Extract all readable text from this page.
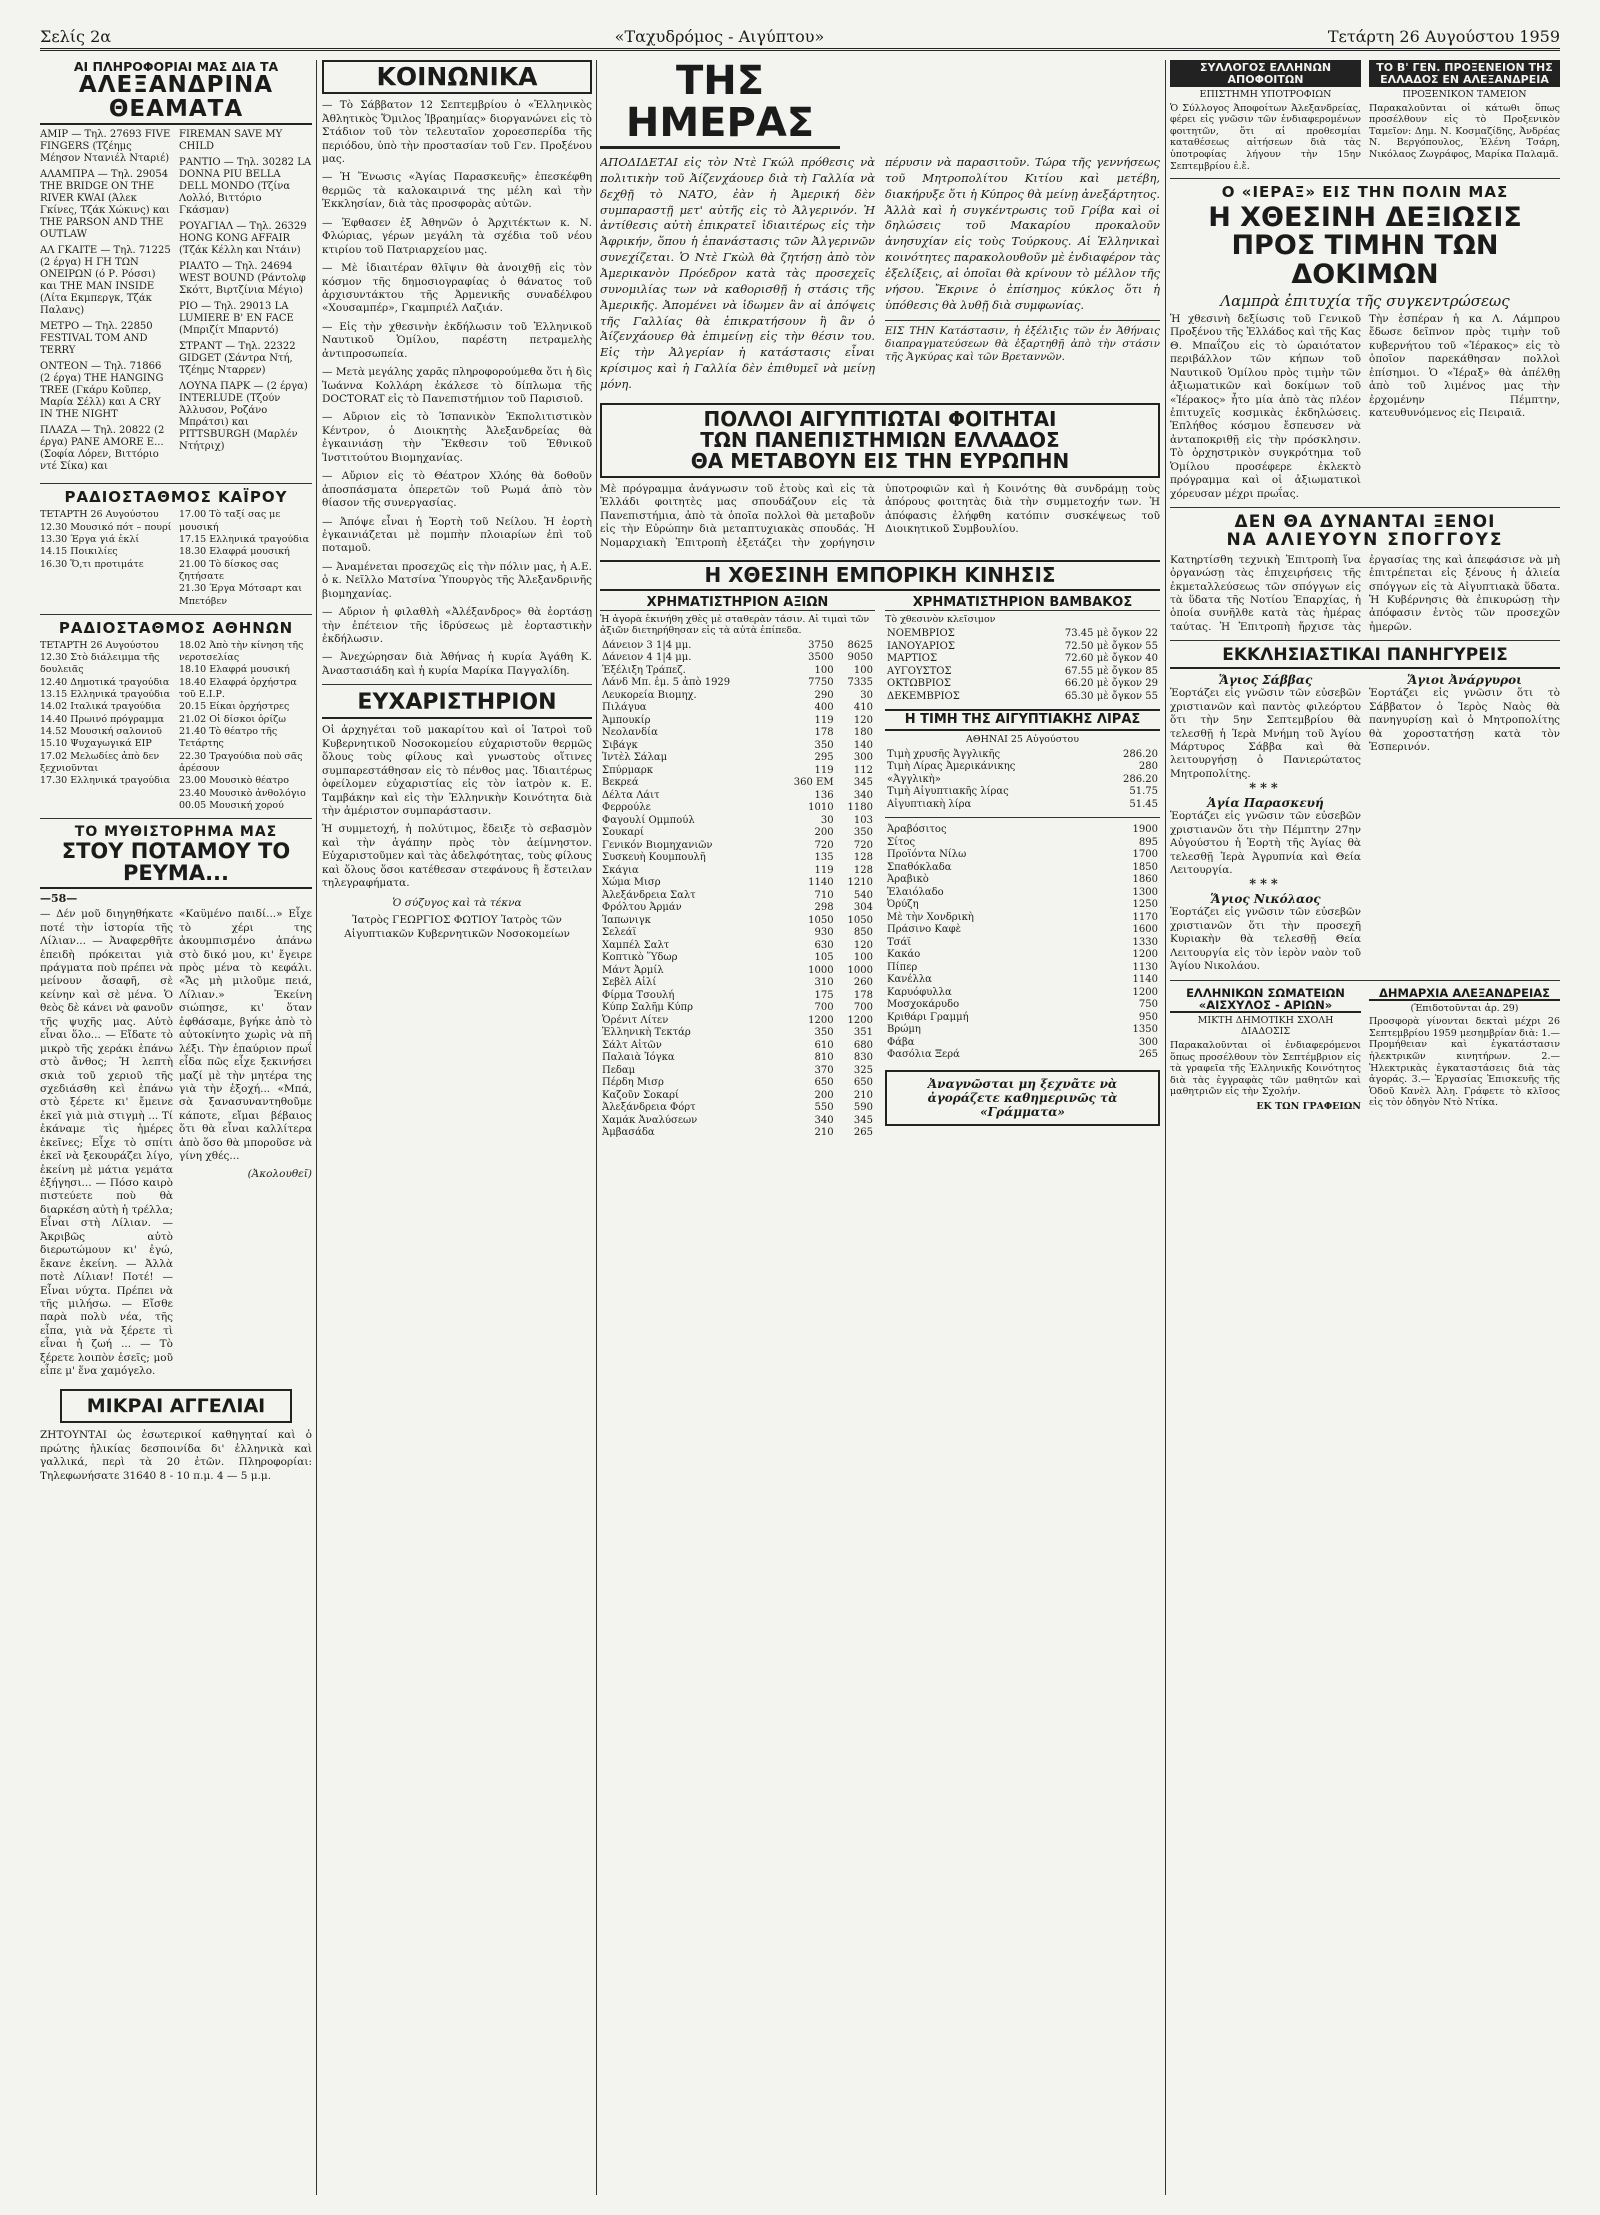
Σελίς 2α	«Ταχυδρόμος - Αιγύπτου»	Τετάρτη 26 Αυγούστου 1959
ΑΙ ΠΛΗΡΟΦΟΡΙΑΙ ΜΑΣ ΔΙΑ ΤΑ
ΑΛΕΞΑΝΔΡΙΝΑ ΘΕΑΜΑΤΑ

ΑΜΙΡ — Τηλ. 27693 FIVE FINGERS (Τζέημς Μέησον Ντανιέλ Νταριέ)

ΑΛΑΜΠΡΑ — Τηλ. 29054 THE BRIDGE ON THE RIVER KWAI (Άλεκ Γκίνες, Τζάκ Χώκινς) και THE PARSON AND THE OUTLAW

ΑΛ ΓΚΑΙΤΕ — Τηλ. 71225 (2 έργα) Η ΓΗ ΤΩΝ ΟΝΕΙΡΩΝ (ό Ρ. Ρόσσι) και THE MAN INSIDE (Λίτα Εκμπεργκ, Τζάκ Παλανς)

ΜΕΤΡΟ — Τηλ. 22850 FESTIVAL TOM AND TERRY

ΟΝΤΕΟΝ — Τηλ. 71866 (2 έργα) THE HANGING TREE (Γκάρυ Κοῦπερ, Μαρία Σέλλ) και A CRY IN THE NIGHT

ΠΛΑΖΑ — Τηλ. 20822 (2 έργα) PANE AMORE E... (Σοφία Λόρεν, Βιττόριο ντέ Σίκα) και

FIREMAN SAVE MY CHILD

ΡΑΝΤΙΟ — Τηλ. 30282 LA DONNA PIU BELLA DELL MONDO (Τζίνα Λολλό, Βιττόριο Γκάσμαν)

ΡΟΥΑΓΙΑΛ — Τηλ. 26329 HONG KONG AFFAIR (Τζάκ Κέλλη και Ντάιν)

ΡΙΑΛΤΟ — Τηλ. 24694 WEST BOUND (Ράντολφ Σκόττ, Βιρτζίνια Μέγιο)

ΡΙΟ — Τηλ. 29013 LA LUMIERE B' EN FACE (Μπριζίτ Μπαρντό)

ΣΤΡΑΝΤ — Τηλ. 22322 GIDGET (Σάντρα Ντή, Τζέημς Νταρρεν)

ΛΟΥΝΑ ΠΑΡΚ — (2 έργα) INTERLUDE (Τζούν Άλλυσον, Ροζάνο Μπράτσι) και PITTSBURGH (Μαρλέν Ντήτριχ)

ΡΑΔΙΟΣΤΑΘΜΟΣ ΚΑΪΡΟΥ
ΤΕΤΑΡΤΗ 26 Αυγούστου
12.30 Μουσικό πότ – πουρί
13.30 Έργα γιά ἐκλί
14.15 Ποικιλίες
16.30 Ὅ,τι προτιμάτε
17.00 Τὸ ταξί σας με μουσική
17.15 Ελληνικά τραγούδια
18.30 Ελαφρά μουσική
21.00 Τὸ δίσκος σας ζητήσατε
21.30 Έργα Μότσαρτ και Μπετόβεν
ΡΑΔΙΟΣΤΑΘΜΟΣ ΑΘΗΝΩΝ
ΤΕΤΑΡΤΗ 26 Αυγούστου
12.30 Στὸ διάλειμμα τῆς δουλειᾶς
12.40 Δημοτικά τραγούδια
13.15 Ελληνικά τραγούδια
14.02 Ιταλικά τραγούδια
14.40 Πρωινό πρόγραμμα
14.52 Μουσική σαλονιοῦ
15.10 Ψυχαγωγικά ΕΙΡ
17.02 Μελωδίες ἀπὸ δεν ξεχνιοῦνται
17.30 Ελληνικά τραγούδια
18.02 Ἀπὸ τὴν κίνηση τῆς νεροτσελίας
18.10 Ελαφρά μουσική
18.40 Ελαφρά ὀρχήστρα τοῦ Ε.Ι.Ρ.
20.15 Είκαι ὀρχήστρες
21.02 Οἱ δίσκοι ὁρίζω
21.40 Τὸ θέατρο τῆς Τετάρτης
22.30 Τραγούδια ποὺ σᾶς ἀρέσουν
23.00 Μουσικὸ θέατρο
23.40 Μουσικὸ ἀνθολόγιο
00.05 Μουσική χορού
ΤΟ ΜΥΘΙΣΤΟΡΗΜΑ ΜΑΣ
ΣΤΟΥ ΠΟΤΑΜΟΥ ΤΟ ΡΕΥΜΑ...
—58—
— Δέν μοῦ διηγηθήκατε ποτέ τὴν ἱστορία τῆς Λίλιαν... — Ἀναφερθῆτε ἐπειδὴ πρόκειται γιὰ πράγματα ποὺ πρέπει νὰ μείνουν ἄσαφῆ, σὲ κείνην καὶ σὲ μένα. Ὁ θεὸς δὲ κάνει νὰ φανοῦν τῆς ψυχῆς μας. Αὐτὸ εἶναι ὅλο... — Εἴδατε τὸ μικρὸ τῆς χεράκι ἐπάνω στὸ ἄνθος; Ἡ λεπτὴ σκιὰ τοῦ χεριοῦ τῆς σχεδιάσθη κεὶ ἐπάνω στὸ ξέρετε κι' ἔμεινε ἐκεῖ γιὰ μιὰ στιγμὴ ... Τί ἐκάναμε τὶς ἡμέρες ἐκεῖνες; Εἶχε τὸ σπίτι ἐκεῖ νὰ ξεκουράζει λίγο, ἐκείνη μὲ μάτια γεμάτα ἐξήγησι... — Πόσο καιρὸ πιστεύετε ποὺ θὰ διαρκέση αὐτὴ ἡ τρέλλα; Εἶναι στὴ Λίλιαν. — Ἀκριβῶς αὐτὸ διερωτώμουν κι' ἐγώ, ἔκανε ἐκείνη. — Ἀλλὰ ποτὲ Λίλιαν! Ποτέ! — Εἶναι νύχτα. Πρέπει νὰ τῆς μιλήσω. — Εἴσθε παρὰ πολὺ νέα, τῆς εἶπα, γιὰ νὰ ξέρετε τὶ εἶναι ἡ ζωή ... — Τὸ ξέρετε λοιπὸν ἐσεῖς; μοῦ εἶπε μ' ἕνα χαμόγελο.
«Καϋμένο παιδί...» Εἶχε τὸ χέρι της ἀκουμπισμένο ἀπάνω στὸ δικό μου, κι' ἔγειρε πρὸς μένα τὸ κεφάλι. «Ἄς μὴ μιλοῦμε πειά, Λίλιαν.» Ἐκείνη σιώπησε, κι' ὅταν ἐφθάσαμε, βγήκε ἀπὸ τὸ αὐτοκίνητο χωρὶς νὰ πῆ λέξι. Τὴν ἐπαύριον πρωΐ εἶδα πῶς εἶχε ξεκινήσει μαζί μὲ τὴν μητέρα της γιὰ τὴν ἐξοχή... «Μπά, σὰ ξανασυναντηθοῦμε κάποτε, εἴμαι βέβαιος ὅτι θὰ εἶναι καλλίτερα ἀπὸ ὅσο θὰ μποροῦσε νὰ γίνη χθές...
(Ἀκολουθεῖ)
ΜΙΚΡΑΙ ΑΓΓΕΛΙΑΙ
ΖΗΤΟΥΝΤΑΙ ὡς ἐσωτερικοί καθηγηταί καὶ ὁ πρώτης ἡλικίας δεσποινίδα δι' ἐλληνικὰ καὶ γαλλικά, περὶ τὰ 20 ἐτῶν. Πληροφορίαι: Τηλεφωνήσατε 31640 8 - 10 π.μ. 4 — 5 μ.μ.
ΚΟΙΝΩΝΙΚΑ

— Τὸ Σάββατον 12 Σεπτεμβρίου ὁ «Ἑλληνικὸς Ἀθλητικὸς Ὅμιλος Ἰβραημίας» διοργανώνει εἰς τὸ Στάδιον τοῦ τὸν τελευταῖον χοροεσπερίδα τῆς περιόδου, ὑπὸ τὴν προστασίαν τοῦ Γεν. Προξένου μας.

— Ἡ Ἕνωσις «Ἁγίας Παρασκευῆς» ἐπεσκέφθη θερμῶς τὰ καλοκαιρινά της μέλη καὶ τὴν Ἐκκλησίαν, διὰ τὰς προσφορὰς αὐτῶν.

— Ἐφθασεν ἐξ Ἀθηνῶν ὁ Ἀρχιτέκτων κ. Ν. Φλώριας, γέρων μεγάλη τὰ σχέδια τοῦ νέου κτιρίου τοῦ Πατριαρχείου μας.

— Μὲ ἰδιαιτέραν θλῖψιν θὰ ἀνοιχθῇ εἰς τὸν κόσμον τῆς δημοσιογραφίας ὁ θάνατος τοῦ ἀρχισυντάκτου τῆς Ἀρμενικῆς συναδέλφου «Χουσαμπέρ», Γκαμπριέλ Λαζιάν.

— Εἰς τὴν χθεσινὴν ἐκδήλωσιν τοῦ Ἑλληνικοῦ Ναυτικοῦ Ὁμίλου, παρέστη πετραμελὴς ἀντιπροσωπεία.

— Μετὰ μεγάλης χαρᾶς πληροφορούμεθα ὅτι ἡ δὶς Ἰωάννα Κολλάρη ἐκάλεσε τὸ δίπλωμα τῆς DOCTORAT εἰς τὸ Πανεπιστήμιον τοῦ Παρισιοῦ.

— Αὔριον εἰς τὸ Ἰσπανικὸν Ἐκπολιτιστικὸν Κέντρον, ὁ Διοικητὴς Ἀλεξανδρείας θὰ ἐγκαινιάσῃ τὴν Ἔκθεσιν τοῦ Ἐθνικοῦ Ἰνστιτούτου Βιομηχανίας.

— Αὔριον εἰς τὸ Θέατρον Χλόης θὰ δοθοῦν ἀποσπάσματα ὀπερετῶν τοῦ Ρωμά ἀπὸ τὸν θίασον τῆς συνεργασίας.

— Ἀπόψε εἶναι ἡ Ἑορτὴ τοῦ Νείλου. Ἡ ἑορτὴ ἐγκαινιάζεται μὲ πομπὴν πλοιαρίων ἐπὶ τοῦ ποταμοῦ.

— Ἀναμένεται προσεχῶς εἰς τὴν πόλιν μας, ἡ Α.Ε. ὁ κ. Νεῖλλο Ματσίνα Ὑπουργὸς τῆς Ἀλεξανδρινῆς βιομηχανίας.

— Αὔριον ἡ φιλαθλὴ «Ἀλέξανδρος» θὰ ἑορτάσῃ τὴν ἐπέτειον τῆς ἱδρύσεως μὲ ἐορταστικὴν ἐκδήλωσιν.

— Ἀνεχώρησαν διὰ Ἀθήνας ἡ κυρία Ἀγάθη Κ. Ἀναστασιάδη καὶ ἡ κυρία Μαρίκα Παγγαλίδη.

ΕΥΧΑΡΙΣΤΗΡΙΟΝ
Οἱ ἀρχηγέται τοῦ μακαρίτου καὶ οἱ Ἰατροὶ τοῦ Κυβερνητικοῦ Νοσοκομείου εὐχαριστοῦν θερμῶς ὅλους τοὺς φίλους καὶ γνωστοὺς οἵτινες συμπαρεστάθησαν εἰς τὸ πένθος μας. Ἰδιαιτέρως ὀφείλομεν εὐχαριστίας εἰς τὸν ἰατρὸν κ. Ε. Ταμβάκην καὶ εἰς τὴν Ἐλληνικὴν Κοινότητα διὰ τὴν ἀμέριστον συμπαράστασιν.
Ἡ συμμετοχή, ἡ πολύτιμος, ἔδειξε τὸ σεβασμὸν καὶ τὴν ἀγάπην πρὸς τὸν ἀείμνηστον. Εὐχαριστοῦμεν καὶ τὰς ἀδελφότητας, τοὺς φίλους καὶ ὅλους ὅσοι κατέθεσαν στεφάνους ἢ ἔστειλαν τηλεγραφήματα.
Ὁ σύζυγος καὶ τὰ τέκνα
Ἰατρὸς ΓΕΩΡΓΙΟΣ ΦΩΤΙΟΥ Ἰατρὸς τῶν Αἰγυπτιακῶν Κυβερνητικῶν Νοσοκομείων
ΤΗΣ ΗΜΕΡΑΣ
ΑΠΟΔΙΔΕΤΑΙ εἰς τὸν Ντὲ Γκώλ πρόθεσις νὰ πολιτικὴν τοῦ Ἀίζενχάουερ διὰ τὴ Γαλλία νὰ δεχθῇ τὸ ΝΑΤΟ, ἐὰν ἡ Ἀμερική δὲν συμπαραστῇ μετ' αὐτῆς εἰς τὸ Ἀλγερινόν. Ἡ ἀντίθεσις αὐτὴ ἐπικρατεῖ ἰδιαιτέρως εἰς τὴν Ἀφρικήν, ὅπου ἡ ἐπανάστασις τῶν Ἀλγερινῶν συνεχίζεται. Ὁ Ντὲ Γκὼλ θὰ ζητήσῃ ἀπὸ τὸν Ἀμερικανὸν Πρόεδρον κατὰ τὰς προσεχεῖς συνομιλίας των νὰ καθορισθῇ ἡ στάσις τῆς Ἀμερικῆς. Ἀπομένει νὰ ἰδωμεν ἂν αἱ ἀπόψεις τῆς Γαλλίας θὰ ἐπικρατήσουν ἢ ἂν ὁ Ἀίζενχάουερ θὰ ἐπιμείνῃ εἰς τὴν θέσιν του. Εἰς τὴν Ἀλγερίαν ἡ κατάστασις εἶναι κρίσιμος καὶ ἡ Γαλλία δὲν ἐπιθυμεῖ νὰ μείνῃ μόνη.
πέρυσιν νὰ παρασιτοῦν. Τώρα τῆς γεννήσεως τοῦ Μητροπολίτου Κιτίου καὶ μετέβη, διακήρυξε ὅτι ἡ Κύπρος θὰ μείνῃ ἀνεξάρτητος. Ἀλλὰ καὶ ἡ συγκέντρωσις τοῦ Γρίβα καὶ οἱ δηλώσεις τοῦ Μακαρίου προκαλοῦν ἀνησυχίαν εἰς τοὺς Τούρκους. Αἱ Ἑλληνικαὶ κοινότητες παρακολουθοῦν μὲ ἐνδιαφέρον τὰς ἐξελίξεις, αἱ ὁποῖαι θὰ κρίνουν τὸ μέλλον τῆς νήσου. Ἔκρινε ὁ ἐπίσημος κύκλος ὅτι ἡ ὑπόθεσις θὰ λυθῇ διὰ συμφωνίας.
ΕΙΣ ΤΗΝ Κατάστασιν, ἡ ἐξέλιξις τῶν ἐν Ἀθήναις διαπραγματεύσεων θὰ ἐξαρτηθῇ ἀπὸ τὴν στάσιν τῆς Ἀγκύρας καὶ τῶν Βρεταννῶν.
ΠΟΛΛΟΙ ΑΙΓΥΠΤΙΩΤΑΙ ΦΟΙΤΗΤΑΙ
ΤΩΝ ΠΑΝΕΠΙΣΤΗΜΙΩΝ ΕΛΛΑΔΟΣ
ΘΑ ΜΕΤΑΒΟΥΝ ΕΙΣ ΤΗΝ ΕΥΡΩΠΗΝ
Μὲ πρόγραμμα ἀνάγνωσιν τοῦ ἐτοὺς καὶ εἰς τὰ Ἐλλάδι φοιτητὲς μας σπουδάζουν εἰς τὰ Πανεπιστήμια, ἀπὸ τὰ ὁποῖα πολλοὶ θὰ μεταβοῦν εἰς τὴν Εὐρώπην διὰ μεταπτυχιακὰς σπουδάς. Ἡ Νομαρχιακὴ Ἐπιτροπὴ ἐξετάζει τὴν χορήγησιν ὑποτροφιῶν καὶ ἡ Κοινότης θὰ συνδράμῃ τοὺς ἀπόρους φοιτητὰς διὰ τὴν συμμετοχήν των. Ἡ ἀπόφασις ἐλήφθη κατόπιν συσκέψεως τοῦ Διοικητικοῦ Συμβουλίου.
Η ΧΘΕΣΙΝΗ ΕΜΠΟΡΙΚΗ ΚΙΝΗΣΙΣ
ΧΡΗΜΑΤΙΣΤΗΡΙΟΝ ΑΞΙΩΝ
Ἡ ἀγορὰ ἐκινήθη χθὲς μὲ σταθερὰν τάσιν. Αἱ τιμαὶ τῶν ἀξιῶν διετηρήθησαν εἰς τὰ αὐτὰ ἐπίπεδα.
Δάνειον 3 1|4 μμ.	3750	8625
Δάνειον 4 1|4 μμ.	3500	9050
Ἐξέλιξη Τράπεζ.	100	100
Λάνδ Μπ. ἐμ. 5 ἀπὸ 1929	7750	7335
Λευκορεία Βιομηχ.	290	30
Πιλάγυα	400	410
Ἀμπουκίρ	119	120
Νεολανδία	178	180
Σιβάγκ	350	140
Ἰντὲλ Σάλαμ	295	300
Σπύρμαρκ	119	112
Βεκρεά	360 ΕΜ	345
Δέλτα Λάιτ	136	340
Φερρούλε	1010	1180
Φαγουλί Ομμπούλ	30	103
Σουκαρί	200	350
Γενικόν Βιομηχανιῶν	720	720
Συσκευὴ Κουμπουλῆ	135	128
Σκάγια	119	128
Χώμα Μισρ	1140	1210
Ἀλεξάνδρεια Σαλτ	710	540
Φρόλτου Ἀρμάν	298	304
Ἰαπωνιγκ	1050	1050
Σελεάϊ	930	850
Χαμπέλ Σαλτ	630	120
Κοπτικὸ Ὕδωρ	105	100
Μάντ Ἀρμίλ	1000	1000
Σεβὲλ Αἰλί	310	260
Φίρμα Τσουλή	175	178
Κύπρ Σαλῆμ Κύπρ	700	700
Ὁρένιτ Λίτεν	1200	1200
Ἑλληνικὴ Τεκτάρ	350	351
Σάλτ Αἰτῶν	610	680
Παλαιὰ Ἰόγκα	810	830
Πεδαμ	370	325
Πέρδη Μισρ	650	650
Καζοῦν Σοκαρί	200	210
Ἀλεξάνδρεια Φόρτ	550	590
Χαμάκ Ἀναλύσεων	340	345
Ἀμβασάδα	210	265
ΧΡΗΜΑΤΙΣΤΗΡΙΟΝ ΒΑΜΒΑΚΟΣ
Τὸ χθεσινὸν κλεῖσιμον
ΝΟΕΜΒΡΙΟΣ	73.45 μὲ ὄγκον 22
ΙΑΝΟΥΑΡΙΟΣ	72.50 μὲ ὄγκον 55
ΜΑΡΤΙΟΣ	72.60 μὲ ὄγκον 40
ΑΥΓΟΥΣΤΟΣ	67.55 μὲ ὄγκον 85
ΟΚΤΩΒΡΙΟΣ	66.20 μὲ ὄγκον 29
ΔΕΚΕΜΒΡΙΟΣ	65.30 μὲ ὄγκον 55
Η ΤΙΜΗ ΤΗΣ ΑΙΓΥΠΤΙΑΚΗΣ ΛΙΡΑΣ
ΑΘΗΝΑΙ 25 Αὐγούστου
Τιμὴ χρυσῆς Ἀγγλικῆς	286.20
Τιμὴ Λίρας Ἀμερικάνικης	280
«Ἀγγλικὴ»	286.20
Τιμὴ Αἰγυπτιακῆς λίρας	51.75
Αἰγυπτιακὴ λίρα	51.45
Ἀραβόσιτος	1900
Σίτος	895
Προϊόντα Νίλω	1700
Σπαθόκλαδα	1850
Ἀραβικὸ	1860
Ἐλαιόλαδο	1300
Ὀρύζη	1250
Μὲ τὴν Χονδρικὴ	1170
Πράσινο Καφὲ	1600
Τσάϊ	1330
Κακάο	1200
Πίπερ	1130
Κανέλλα	1140
Καρυόφυλλα	1200
Μοσχοκάρυδο	750
Κριθάρι Γραμμή	950
Βρώμη	1350
Φάβα	300
Φασόλια Ξερά	265
Ἀναγνῶσται μη ξεχνᾶτε νὰ ἀγοράζετε καθημερινῶς τὰ «Γράμματα»
ΣΥΛΛΟΓΟΣ ΕΛΛΗΝΩΝ ΑΠΟΦΟΙΤΩΝ
ΕΠΙΣΤΗΜΗ ΥΠΟΤΡΟΦΙΩΝ
Ὁ Σύλλογος Ἀποφοίτων Ἀλεξανδρείας, φέρει εἰς γνῶσιν τῶν ἐνδιαφερομένων φοιτητῶν, ὅτι αἱ προθεσμίαι καταθέσεως αἰτήσεων διὰ τὰς ὑποτροφίας λήγουν τὴν 15ην Σεπτεμβρίου ἐ.ἔ.
ΤΟ Β' ΓΕΝ. ΠΡΟΞΕΝΕΙΟΝ ΤΗΣ ΕΛΛΑΔΟΣ ΕΝ ΑΛΕΞΑΝΔΡΕΙΑ
ΠΡΟΞΕΝΙΚΟΝ ΤΑΜΕΙΟΝ
Παρακαλοῦνται οἱ κάτωθι ὅπως προσέλθουν εἰς τὸ Προξενικὸν Ταμεῖον: Δημ. Ν. Κοσμαζίδης, Ἀνδρέας Ν. Βεργόπουλος, Ἑλένη Τσάρη, Νικόλαος Ζωγράφος, Μαρίκα Παλαμᾶ.
Ο «ΙΕΡΑΞ» ΕΙΣ ΤΗΝ ΠΟΛΙΝ ΜΑΣ
Η ΧΘΕΣΙΝΗ ΔΕΞΙΩΣΙΣ
ΠΡΟΣ ΤΙΜΗΝ ΤΩΝ ΔΟΚΙΜΩΝ
Λαμπρὰ ἐπιτυχία τῆς συγκεντρώσεως
Ἡ χθεσινὴ δεξίωσις τοῦ Γενικοῦ Προξένου τῆς Ἑλλάδος καὶ τῆς Κας Θ. Μπαΐζου εἰς τὸ ὡραιότατον περιβάλλον τῶν κήπων τοῦ Ναυτικοῦ Ὁμίλου πρὸς τιμὴν τῶν ἀξιωματικῶν καὶ δοκίμων τοῦ «Ἱέρακος» ἦτο μία ἀπὸ τὰς πλέον ἐπιτυχεῖς κοσμικὰς ἐκδηλώσεις. Ἐπλήθος κόσμου ἔσπευσεν νὰ ἀνταποκριθῇ εἰς τὴν πρόσκλησιν. Τὸ ὀρχηστρικὸν συγκρότημα τοῦ Ὁμίλου προσέφερε ἐκλεκτὸ πρόγραμμα καὶ οἱ ἀξιωματικοὶ χόρευσαν μέχρι πρωΐας.
Τὴν ἑσπέραν ἡ κα Λ. Λάμπρου ἔδωσε δεῖπνον πρὸς τιμὴν τοῦ κυβερνήτου τοῦ «Ἱέρακος» εἰς τὸ ὁποῖον παρεκάθησαν πολλοὶ ἐπίσημοι. Ὁ «Ἱέραξ» θὰ ἀπέλθῃ ἀπὸ τοῦ λιμένος μας τὴν ἐρχομένην Πέμπτην, κατευθυνόμενος εἰς Πειραιᾶ.
ΔΕΝ ΘΑ ΔΥΝΑΝΤΑΙ ΞΕΝΟΙ
ΝΑ ΑΛΙΕΥΟΥΝ ΣΠΟΓΓΟΥΣ
Κατηρτίσθη τεχνικὴ Ἐπιτροπὴ ἵνα ὀργανώσῃ τὰς ἐπιχειρήσεις τῆς ἐκμεταλλεύσεως τῶν σπόγγων εἰς τὰ ὕδατα τῆς Νοτίου Ἐπαρχίας, ἡ ὁποία συνῆλθε κατὰ τὰς ἡμέρας ταύτας. Ἡ Ἐπιτροπὴ ἤρχισε τὰς ἐργασίας της καὶ ἀπεφάσισε νὰ μὴ ἐπιτρέπεται εἰς ξένους ἡ ἀλιεία σπόγγων εἰς τὰ Αἰγυπτιακὰ ὕδατα. Ἡ Κυβέρνησις θὰ ἐπικυρώσῃ τὴν ἀπόφασιν ἐντὸς τῶν προσεχῶν ἡμερῶν.
ΕΚΚΛΗΣΙΑΣΤΙΚΑΙ ΠΑΝΗΓΥΡΕΙΣ
Ἅγιος Σάββας
Ἑορτάζει εἰς γνῶσιν τῶν εὐσεβῶν χριστιανῶν καὶ παντὸς φιλεόρτου ὅτι τὴν 5ην Σεπτεμβρίου θὰ τελεσθῇ ἡ Ἱερὰ Μνήμη τοῦ Ἁγίου Μάρτυρος Σάββα καὶ θὰ λειτουργήσῃ ὁ Πανιερώτατος Μητροπολίτης.
***
Ἁγία Παρασκευή
Ἑορτάζει εἰς γνῶσιν τῶν εὐσεβῶν χριστιανῶν ὅτι τὴν Πέμπτην 27ην Αὐγούστου ἡ Ἑορτὴ τῆς Ἁγίας θὰ τελεσθῇ Ἱερὰ Ἀγρυπνία καὶ Θεία Λειτουργία.
***
Ἅγιος Νικόλαος
Ἑορτάζει εἰς γνῶσιν τῶν εὐσεβῶν χριστιανῶν ὅτι τὴν προσεχῆ Κυριακὴν θὰ τελεσθῇ Θεία Λειτουργία εἰς τὸν ἱερὸν ναὸν τοῦ Ἁγίου Νικολάου.
Ἅγιοι Ἀνάργυροι
Ἑορτάζει εἰς γνῶσιν ὅτι τὸ Σάββατον ὁ Ἱερὸς Ναὸς θὰ πανηγυρίσῃ καὶ ὁ Μητροπολίτης θὰ χοροστατήσῃ κατὰ τὸν Ἑσπερινόν.
ΕΛΛΗΝΙΚΩΝ ΣΩΜΑΤΕΙΩΝ «ΑΙΣΧΥΛΟΣ - ΑΡΙΩΝ»
ΜΙΚΤΗ ΔΗΜΟΤΙΚΗ ΣΧΟΛΗ
ΔΙΑΔΟΣΙΣ
Παρακαλοῦνται οἱ ἐνδιαφερόμενοι ὅπως προσέλθουν τὸν Σεπτέμβριον εἰς τὰ γραφεῖα τῆς Ἑλληνικῆς Κοινότητος διὰ τὰς ἐγγραφὰς τῶν μαθητῶν καὶ μαθητριῶν εἰς τὴν Σχολήν.
ΕΚ ΤΩΝ ΓΡΑΦΕΙΩΝ
ΔΗΜΑΡΧΙΑ ΑΛΕΞΑΝΔΡΕΙΑΣ
(Ἐπιδοτοῦνται ἀρ. 29)
Προσφορὰ γίνονται δεκταὶ μέχρι 26 Σεπτεμβρίου 1959 μεσημβρίαν διὰ: 1.— Προμήθειαν καὶ ἐγκατάστασιν ἠλεκτρικῶν κινητήρων. 2.— Ἠλεκτρικὰς ἐγκαταστάσεις διὰ τὰς ἀγοράς. 3.— Ἐργασίας Ἐπισκευῆς τῆς Ὁδοῦ Κανὲλ Ἀλη. Γράφετε τὸ κλῖσος εἰς τὸν ὁδηγὸν Ντὸ Ντίκα.
